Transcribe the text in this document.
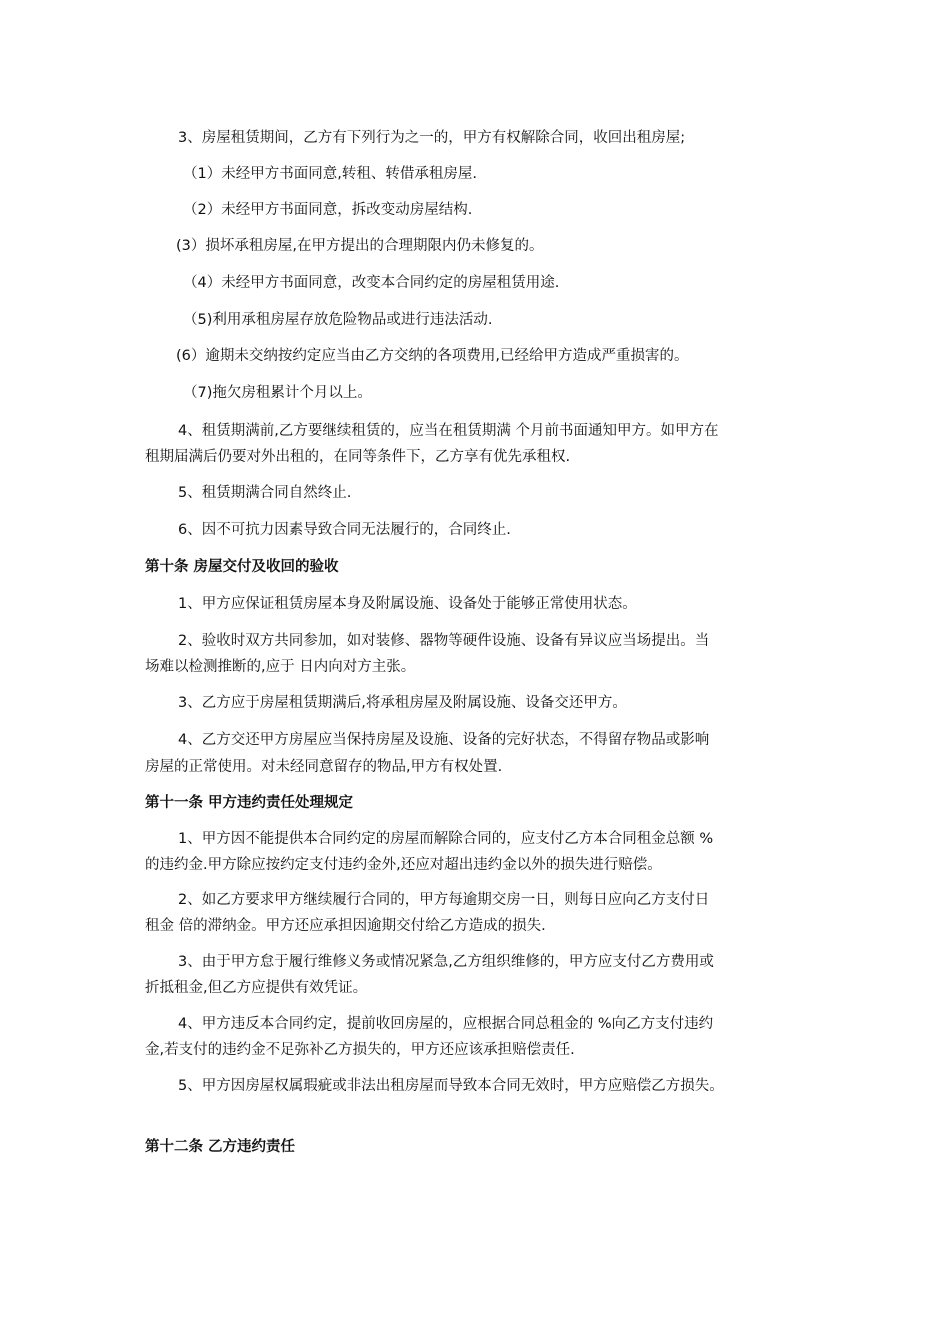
3、房屋租赁期间，乙方有下列行为之一的，甲方有权解除合同，收回出租房屋;
（1）未经甲方书面同意,转租、转借承租房屋.
（2）未经甲方书面同意，拆改变动房屋结构.
(3）损坏承租房屋,在甲方提出的合理期限内仍未修复的。
（4）未经甲方书面同意，改变本合同约定的房屋租赁用途.
（5)利用承租房屋存放危险物品或进行违法活动.
(6）逾期未交纳按约定应当由乙方交纳的各项费用,已经给甲方造成严重损害的。
（7)拖欠房租累计个月以上。
4、租赁期满前,乙方要继续租赁的，应当在租赁期满 个月前书面通知甲方。如甲方在
租期届满后仍要对外出租的，在同等条件下，乙方享有优先承租权.
5、租赁期满合同自然终止.
6、因不可抗力因素导致合同无法履行的，合同终止.
第十条 房屋交付及收回的验收
1、甲方应保证租赁房屋本身及附属设施、设备处于能够正常使用状态。
2、验收时双方共同参加，如对装修、器物等硬件设施、设备有异议应当场提出。当
场难以检测推断的,应于 日内向对方主张。
3、乙方应于房屋租赁期满后,将承租房屋及附属设施、设备交还甲方。
4、乙方交还甲方房屋应当保持房屋及设施、设备的完好状态，不得留存物品或影响
房屋的正常使用。对未经同意留存的物品,甲方有权处置.
第十一条 甲方违约责任处理规定
1、甲方因不能提供本合同约定的房屋而解除合同的，应支付乙方本合同租金总额 %
的违约金.甲方除应按约定支付违约金外,还应对超出违约金以外的损失进行赔偿。
2、如乙方要求甲方继续履行合同的，甲方每逾期交房一日，则每日应向乙方支付日
租金 倍的滞纳金。甲方还应承担因逾期交付给乙方造成的损失.
3、由于甲方怠于履行维修义务或情况紧急,乙方组织维修的，甲方应支付乙方费用或
折抵租金,但乙方应提供有效凭证。
4、甲方违反本合同约定，提前收回房屋的，应根据合同总租金的 %向乙方支付违约
金,若支付的违约金不足弥补乙方损失的，甲方还应该承担赔偿责任.
5、甲方因房屋权属瑕疵或非法出租房屋而导致本合同无效时，甲方应赔偿乙方损失。
第十二条 乙方违约责任
